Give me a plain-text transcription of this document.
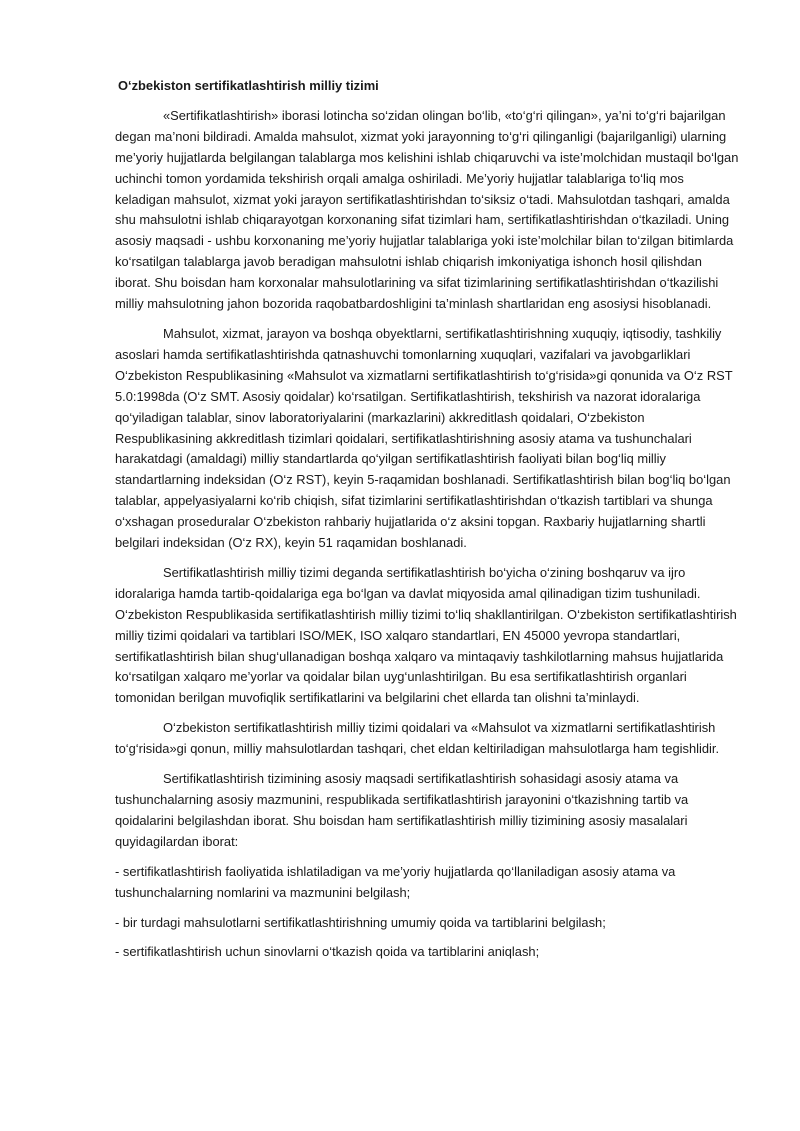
O‘zbekiston sertifikatlashtirish milliy tizimi

«Sertifikatlashtirish» iborasi lotincha so‘zidan olingan bo‘lib, «to‘g‘ri qilingan», ya’ni to‘g‘ri bajarilgan degan ma’noni bildiradi. Amalda mahsulot, xizmat yoki jarayonning to‘g‘ri qilinganligi (bajarilganligi) ularning me’yoriy hujjatlarda belgilangan talablarga mos kelishini ishlab chiqaruvchi va iste’molchidan mustaqil bo‘lgan uchinchi tomon yordamida tekshirish orqali amalga oshiriladi. Me’yoriy hujjatlar talablariga to‘liq mos keladigan mahsulot, xizmat yoki jarayon sertifikatlashtirishdan to‘siksiz o‘tadi. Mahsulotdan tashqari, amalda shu mahsulotni ishlab chiqarayotgan korxonaning sifat tizimlari ham, sertifikatlashtirishdan o‘tkaziladi. Uning asosiy maqsadi - ushbu korxonaning me’yoriy hujjatlar talablariga yoki iste’molchilar bilan to‘zilgan bitimlarda ko‘rsatilgan talablarga javob beradigan mahsulotni ishlab chiqarish imkoniyatiga ishonch hosil qilishdan iborat. Shu boisdan ham korxonalar mahsulotlarining va sifat tizimlarining sertifikatlashtirishdan o‘tkazilishi milliy mahsulotning jahon bozorida raqobatbardoshligini ta’minlash shartlaridan eng asosiysi hisoblanadi.

Mahsulot, xizmat, jarayon va boshqa obyektlarni, sertifikatlashtirishning xuquqiy, iqtisodiy, tashkiliy asoslari hamda sertifikatlashtirishda qatnashuvchi tomonlarning xuquqlari, vazifalari va javobgarliklari O‘zbekiston Respublikasining «Mahsulot va xizmatlarni sertifikatlashtirish to‘g‘risida»gi qonunida va O‘z RST 5.0:1998da (O‘z SMT. Asosiy qoidalar) ko‘rsatilgan. Sertifikatlashtirish, tekshirish va nazorat idoralariga qo‘yiladigan talablar, sinov laboratoriyalarini (markazlarini) akkreditlash qoidalari, O‘zbekiston Respublikasining akkreditlash tizimlari qoidalari, sertifikatlashtirishning asosiy atama va tushunchalari harakatdagi (amaldagi) milliy standartlarda qo‘yilgan sertifikatlashtirish faoliyati bilan bog‘liq milliy standartlarning indeksidan (O‘z RST), keyin 5-raqamidan boshlanadi. Sertifikatlashtirish bilan bog‘liq bo‘lgan talablar, appelyasiyalarni ko‘rib chiqish, sifat tizimlarini sertifikatlashtirishdan o‘tkazish tartiblari va shunga o‘xshagan proseduralar O‘zbekiston rahbariy hujjatlarida o‘z aksini topgan. Raxbariy hujjatlarning shartli belgilari indeksidan (O‘z RX), keyin 51 raqamidan boshlanadi.

Sertifikatlashtirish milliy tizimi deganda sertifikatlashtirish bo‘yicha o‘zining boshqaruv va ijro idoralariga hamda tartib-qoidalariga ega bo‘lgan va davlat miqyosida amal qilinadigan tizim tushuniladi. O‘zbekiston Respublikasida sertifikatlashtirish milliy tizimi to‘liq shakllantirilgan. O‘zbekiston sertifikatlashtirish milliy tizimi qoidalari va tartiblari ISO/MEK, ISO xalqaro standartlari, EN 45000 yevropa standartlari, sertifikatlashtirish bilan shug‘ullanadigan boshqa xalqaro va mintaqaviy tashkilotlarning mahsus hujjatlarida ko‘rsatilgan xalqaro me’yorlar va qoidalar bilan uyg‘unlashtirilgan. Bu esa sertifikatlashtirish organlari tomonidan berilgan muvofiqlik sertifikatlarini va belgilarini chet ellarda tan olishni ta’minlaydi.

O‘zbekiston sertifikatlashtirish milliy tizimi qoidalari va «Mahsulot va xizmatlarni sertifikatlashtirish to‘g‘risida»gi qonun, milliy mahsulotlardan tashqari, chet eldan keltiriladigan mahsulotlarga ham tegishlidir.

Sertifikatlashtirish tizimining asosiy maqsadi sertifikatlashtirish sohasidagi asosiy atama va tushunchalarning asosiy mazmunini, respublikada sertifikatlashtirish jarayonini o‘tkazishning tartib va qoidalarini belgilashdan iborat. Shu boisdan ham sertifikatlashtirish milliy tizimining asosiy masalalari quyidagilardan iborat:

- sertifikatlashtirish faoliyatida ishlatiladigan va me’yoriy hujjatlarda qo‘llaniladigan asosiy atama va tushunchalarning nomlarini va mazmunini belgilash;

- bir turdagi mahsulotlarni sertifikatlashtirishning umumiy qoida va tartiblarini belgilash;

- sertifikatlashtirish uchun sinovlarni o‘tkazish qoida va tartiblarini aniqlash;
